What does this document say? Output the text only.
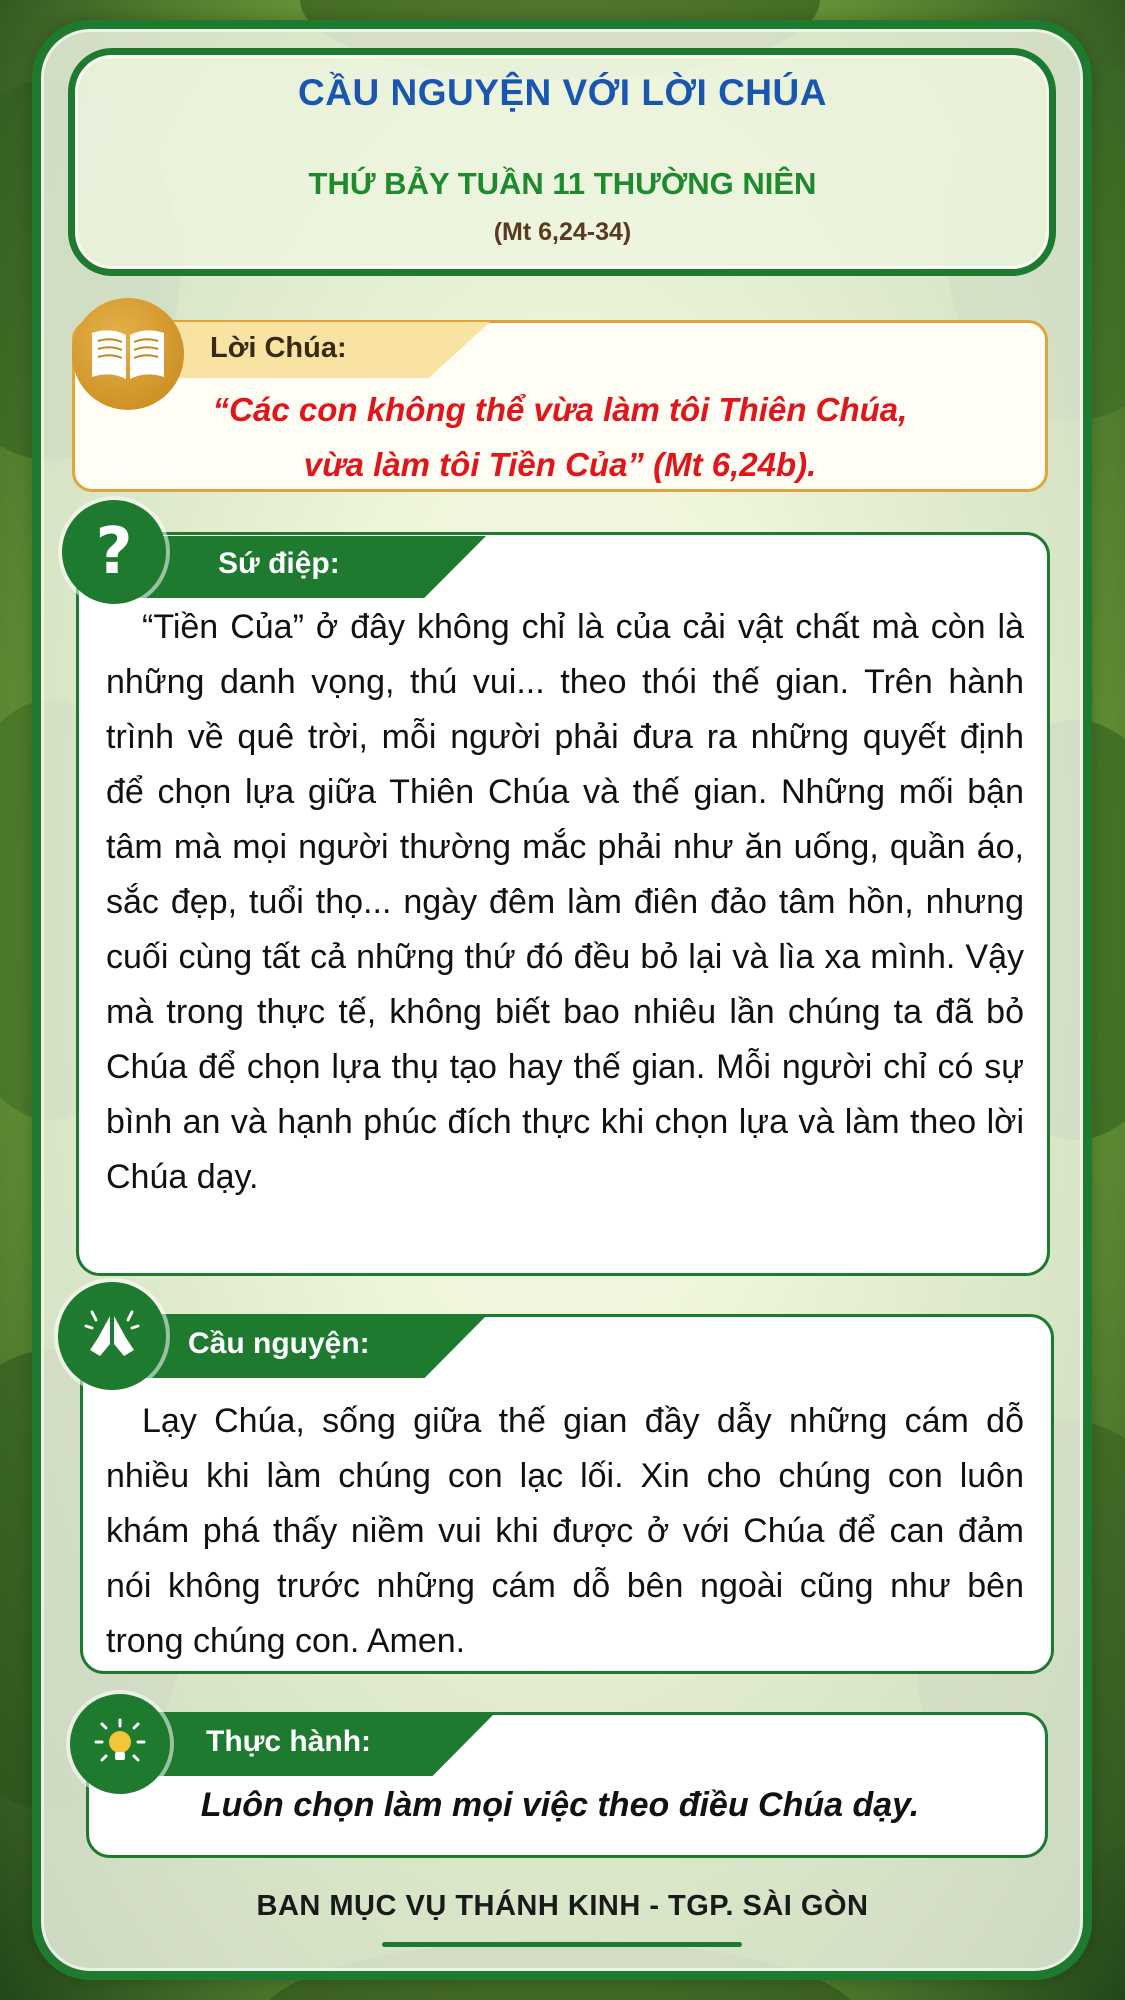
CẦU NGUYỆN VỚI LỜI CHÚA
THỨ BẢY TUẦN 11 THƯỜNG NIÊN
(Mt 6,24-34)
Lời Chúa:
“Các con không thể vừa làm tôi Thiên Chúa,
vừa làm tôi Tiền Của” (Mt 6,24b).
Sứ điệp:
?
“Tiền Của” ở đây không chỉ là của cải vật chất mà còn là những danh vọng, thú vui... theo thói thế gian. Trên hành trình về quê trời, mỗi người phải đưa ra những quyết định để chọn lựa giữa Thiên Chúa và thế gian. Những mối bận tâm mà mọi người thường mắc phải như ăn uống, quần áo, sắc đẹp, tuổi thọ... ngày đêm làm điên đảo tâm hồn, nhưng cuối cùng tất cả những thứ đó đều bỏ lại và lìa xa mình. Vậy mà trong thực tế, không biết bao nhiêu lần chúng ta đã bỏ Chúa để chọn lựa thụ tạo hay thế gian. Mỗi người chỉ có sự bình an và hạnh phúc đích thực khi chọn lựa và làm theo lời Chúa dạy.
Cầu nguyện:
Lạy Chúa, sống giữa thế gian đầy dẫy những cám dỗ nhiều khi làm chúng con lạc lối. Xin cho chúng con luôn khám phá thấy niềm vui khi được ở với Chúa để can đảm nói không trước những cám dỗ bên ngoài cũng như bên trong chúng con. Amen.
Thực hành:
Luôn chọn làm mọi việc theo điều Chúa dạy.
BAN MỤC VỤ THÁNH KINH - TGP. SÀI GÒN
